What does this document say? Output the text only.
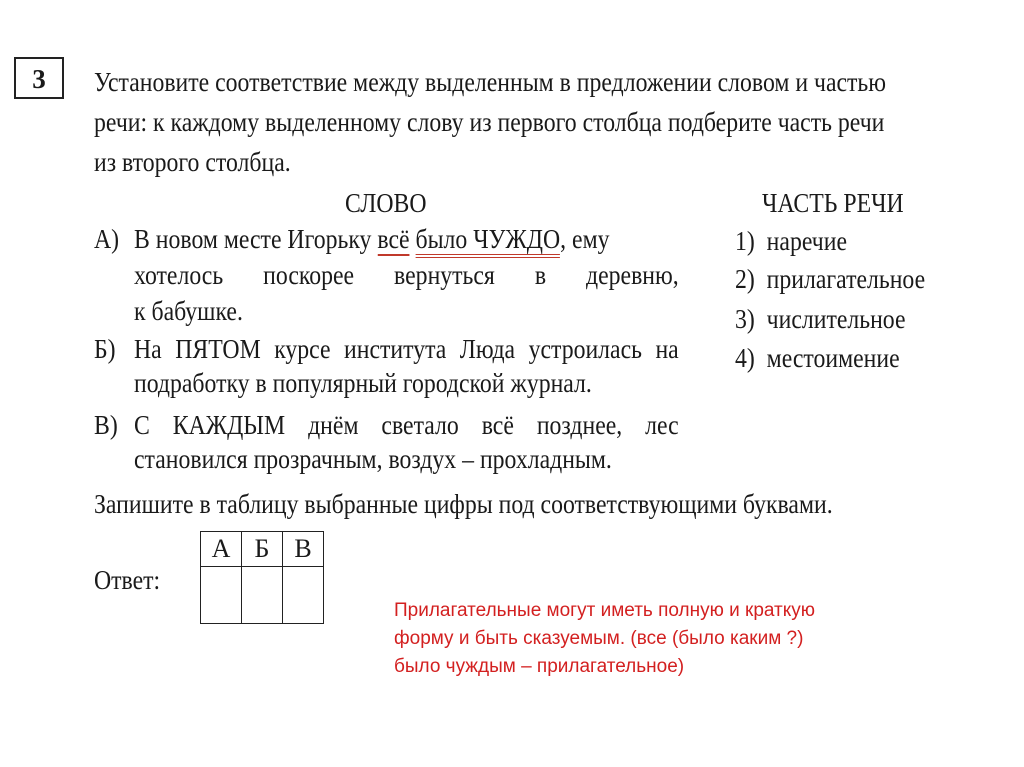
3	Установите соответствие между выделенным в предложении словом и частью
речи: к каждому выделенному слову из первого столбца подберите часть речи
из второго столбца.
СЛОВО	ЧАСТЬ РЕЧИ
А) В новом месте Игорьку всё было ЧУЖДО, ему
хотелось поскорее вернуться в деревню,
к бабушке.
Б) На ПЯТОМ курсе института Люда устроилась на
подработку в популярный городской журнал.
В) С КАЖДЫМ днём светало всё позднее, лес
становился прозрачным, воздух – прохладным.
1) наречие
2) прилагательное
3) числительное
4) местоимение
Запишите в таблицу выбранные цифры под соответствующими буквами.
Ответ:
А	Б	В

Прилагательные могут иметь полную и краткую форму и быть сказуемым. (все (было каким ?) было чуждым – прилагательное)
